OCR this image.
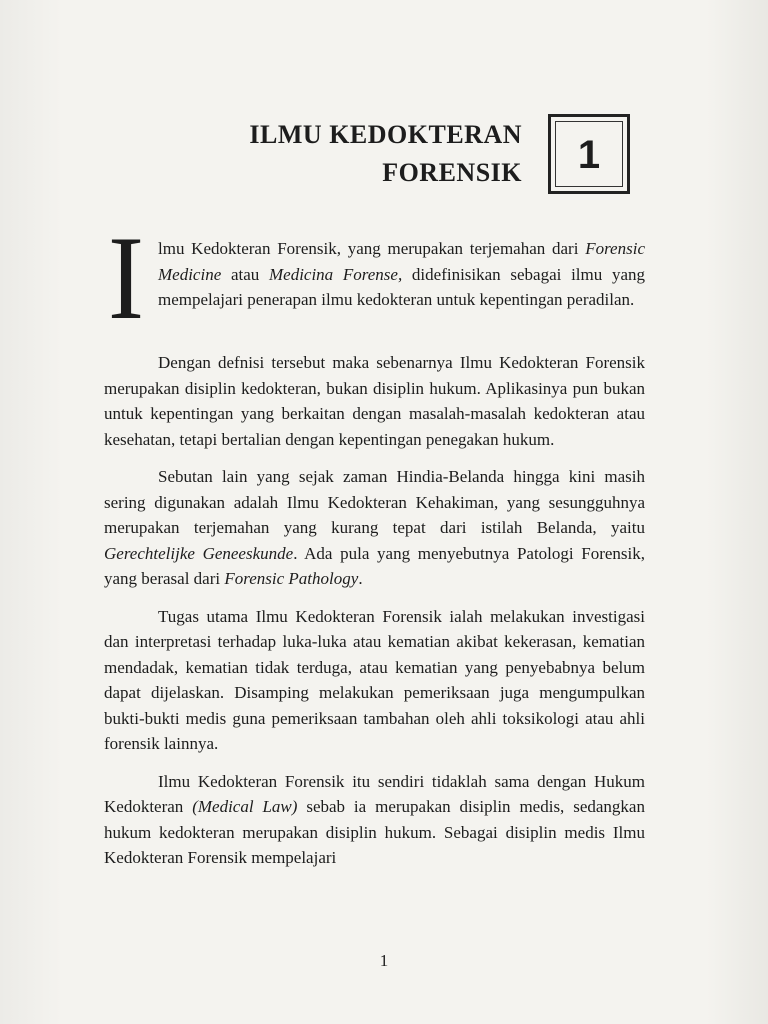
ILMU KEDOKTERAN
FORENSIK	1

I lmu Kedokteran Forensik, yang merupakan terjemahan dari Forensic Medicine atau Medicina Forense, didefinisikan sebagai ilmu yang mempelajari penerapan ilmu kedokteran untuk kepentingan peradilan.

Dengan defnisi tersebut maka sebenarnya Ilmu Kedokteran Forensik merupakan disiplin kedokteran, bukan disiplin hukum. Aplikasinya pun bukan untuk kepentingan yang berkaitan dengan masalah-masalah kedokteran atau kesehatan, tetapi bertalian dengan kepentingan penegakan hukum.

Sebutan lain yang sejak zaman Hindia-Belanda hingga kini masih sering digunakan adalah Ilmu Kedokteran Kehakiman, yang sesungguhnya merupakan terjemahan yang kurang tepat dari istilah Belanda, yaitu Gerechtelijke Geneeskunde. Ada pula yang menyebutnya Patologi Forensik, yang berasal dari Forensic Pathology.

Tugas utama Ilmu Kedokteran Forensik ialah melakukan investigasi dan interpretasi terhadap luka-luka atau kematian akibat kekerasan, kematian mendadak, kematian tidak terduga, atau kematian yang penyebabnya belum dapat dijelaskan. Disamping melakukan pemeriksaan juga mengumpulkan bukti-bukti medis guna pemeriksaan tambahan oleh ahli toksikologi atau ahli forensik lainnya.

Ilmu Kedokteran Forensik itu sendiri tidaklah sama dengan Hukum Kedokteran (Medical Law) sebab ia merupakan disiplin medis, sedangkan hukum kedokteran merupakan disiplin hukum. Sebagai disiplin medis Ilmu Kedokteran Forensik mempelajari

1
